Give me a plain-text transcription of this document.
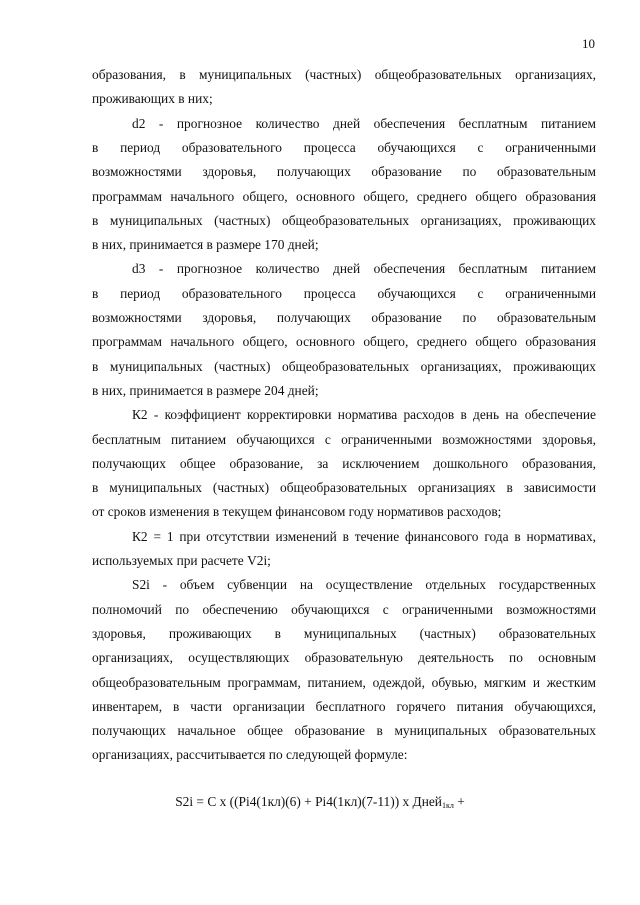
10
образования, в муниципальных (частных) общеобразовательных организациях,
проживающих в них;
d2 - прогнозное количество дней обеспечения бесплатным питанием
в период образовательного процесса обучающихся с ограниченными
возможностями здоровья, получающих образование по образовательным
программам начального общего, основного общего, среднего общего образования
в муниципальных (частных) общеобразовательных организациях, проживающих
в них, принимается в размере 170 дней;
d3 - прогнозное количество дней обеспечения бесплатным питанием
в период образовательного процесса обучающихся с ограниченными
возможностями здоровья, получающих образование по образовательным
программам начального общего, основного общего, среднего общего образования
в муниципальных (частных) общеобразовательных организациях, проживающих
в них, принимается в размере 204 дней;
К2 - коэффициент корректировки норматива расходов в день на обеспечение
бесплатным питанием обучающихся с ограниченными возможностями здоровья,
получающих общее образование, за исключением дошкольного образования,
в муниципальных (частных) общеобразовательных организациях в зависимости
от сроков изменения в текущем финансовом году нормативов расходов;
К2 = 1 при отсутствии изменений в течение финансового года в нормативах,
используемых при расчете V2i;
S2i - объем субвенции на осуществление отдельных государственных
полномочий по обеспечению обучающихся с ограниченными возможностями
здоровья, проживающих в муниципальных (частных) образовательных
организациях, осуществляющих образовательную деятельность по основным
общеобразовательным программам, питанием, одеждой, обувью, мягким и жестким
инвентарем, в части организации бесплатного горячего питания обучающихся,
получающих начальное общее образование в муниципальных образовательных
организациях, рассчитывается по следующей формуле:
S2i = С x ((Рi4(1кл)(6) + Рi4(1кл)(7-11)) x Дней$_{1кл}$ +
